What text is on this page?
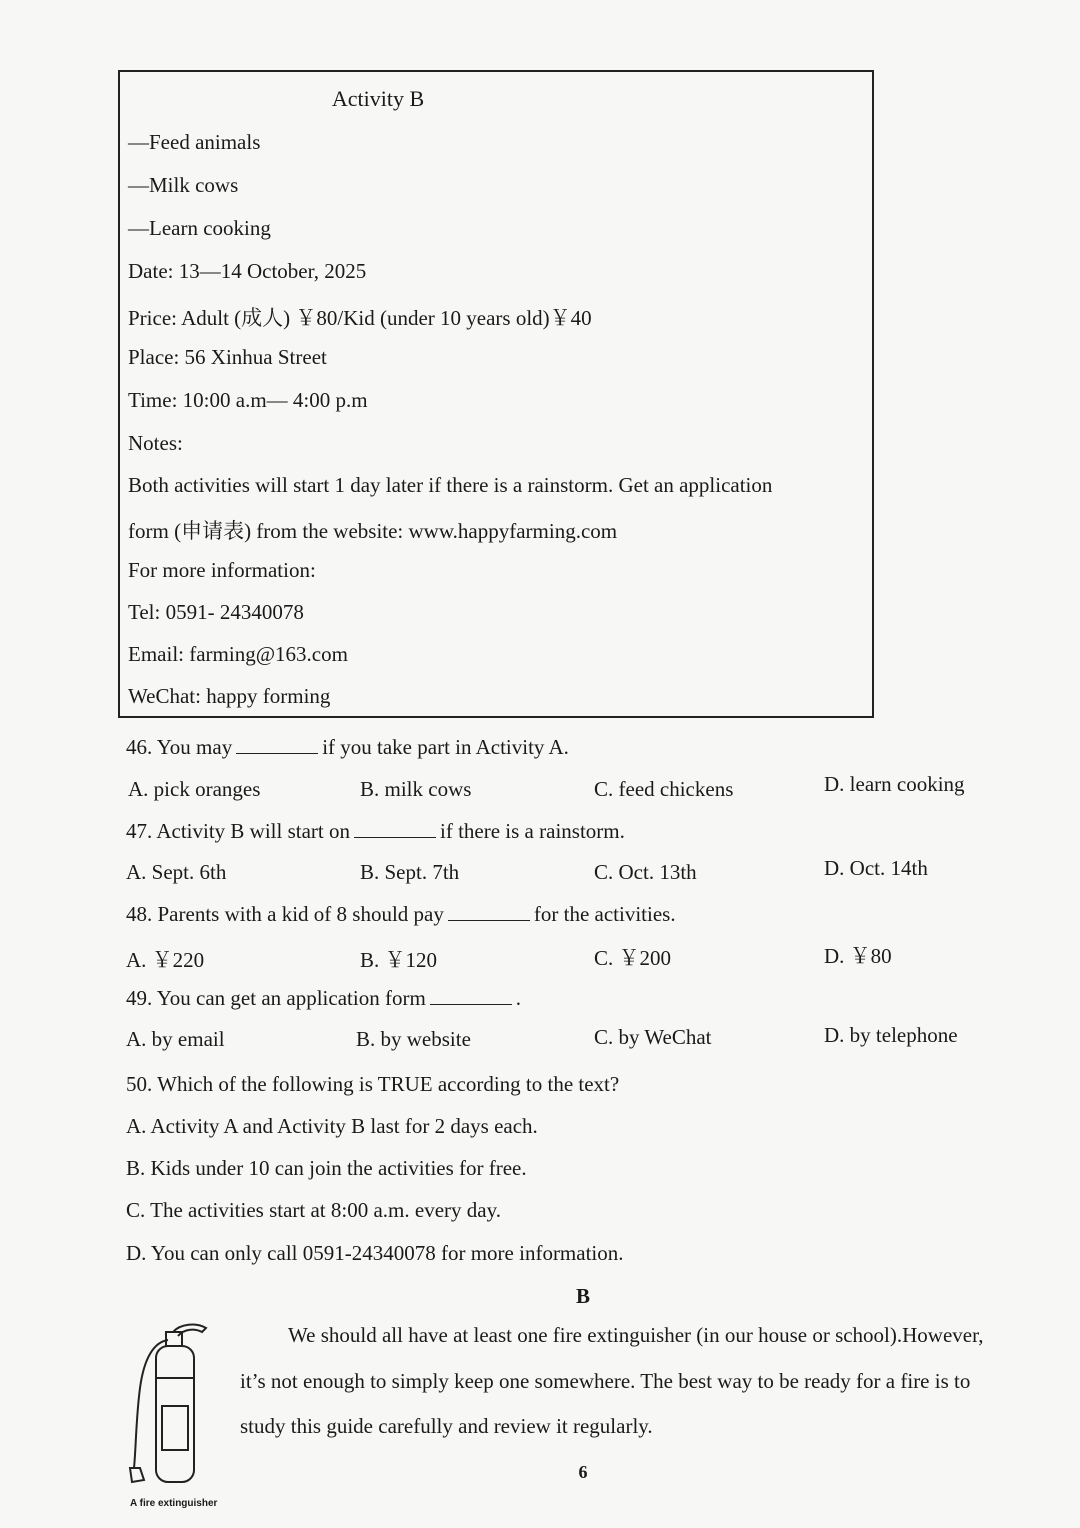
Activity B
—Feed animals
—Milk cows
—Learn cooking
Date: 13—14 October, 2025
Price: Adult (成人) ￥80/Kid (under 10 years old)￥40
Place: 56 Xinhua Street
Time: 10:00 a.m— 4:00 p.m
Notes:
Both activities will start 1 day later if there is a rainstorm. Get an application
form (申请表) from the website: www.happyfarming.com
For more information:
Tel: 0591- 24340078
Email: farming@163.com
WeChat: happy forming
46. You may	if you take part in Activity A.
A. pick oranges	B. milk cows	C. feed chickens	D. learn cooking
47. Activity B will start on	if there is a rainstorm.
A. Sept. 6th	B. Sept. 7th	C. Oct. 13th	D. Oct. 14th
48. Parents with a kid of 8 should pay	for the activities.
A. ￥220	B. ￥120	C. ￥200	D. ￥80
49. You can get an application form	.
A. by email	B. by website	C. by WeChat	D. by telephone
50. Which of the following is TRUE according to the text?
A. Activity A and Activity B last for 2 days each.
B. Kids under 10 can join the activities for free.
C. The activities start at 8:00 a.m. every day.
D. You can only call 0591-24340078 for more information.
B
A fire extinguisher
We should all have at least one fire extinguisher (in our house or school).However,
it’s not enough to simply keep one somewhere. The best way to be ready for a fire is to
study this guide carefully and review it regularly.
6
